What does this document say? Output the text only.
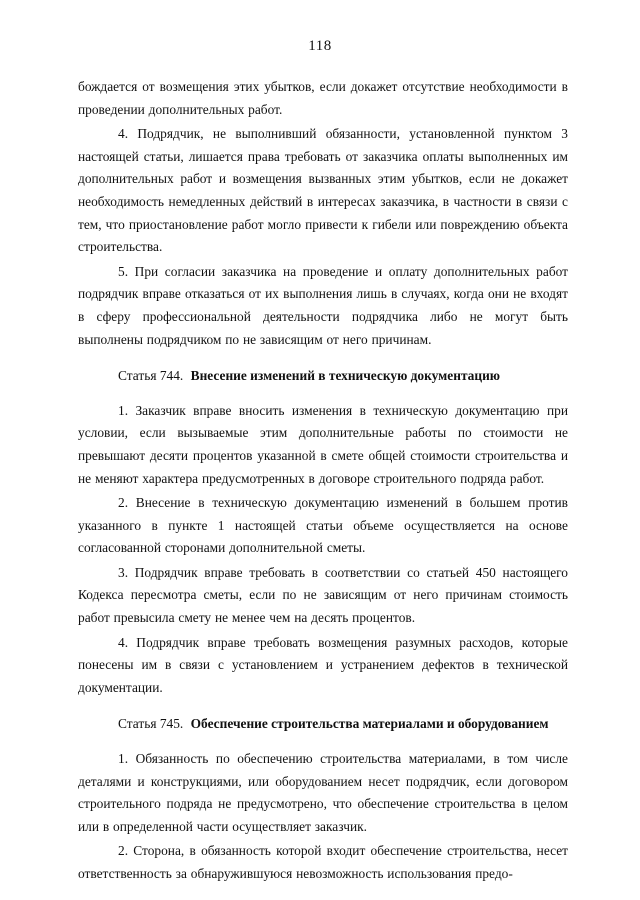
118

бождается от возмещения этих убытков, если докажет отсутствие необходимости в проведении дополнительных работ.

4. Подрядчик, не выполнивший обязанности, установленной пунктом 3 настоящей статьи, лишается права требовать от заказчика оплаты выполненных им дополнительных работ и возмещения вызванных этим убытков, если не докажет необходимость немедленных действий в интересах заказчика, в частности в связи с тем, что приостановление работ могло привести к гибели или повреждению объекта строительства.

5. При согласии заказчика на проведение и оплату дополнительных работ подрядчик вправе отказаться от их выполнения лишь в случаях, когда они не входят в сферу профессиональной деятельности подрядчика либо не могут быть выполнены подрядчиком по не зависящим от него причинам.

Статья 744. Внесение изменений в техническую документацию

1. Заказчик вправе вносить изменения в техническую документацию при условии, если вызываемые этим дополнительные работы по стоимости не превышают десяти процентов указанной в смете общей стоимости строительства и не меняют характера предусмотренных в договоре строительного подряда работ.

2. Внесение в техническую документацию изменений в большем против указанного в пункте 1 настоящей статьи объеме осуществляется на основе согласованной сторонами дополнительной сметы.

3. Подрядчик вправе требовать в соответствии со статьей 450 настоящего Кодекса пересмотра сметы, если по не зависящим от него причинам стоимость работ превысила смету не менее чем на десять процентов.

4. Подрядчик вправе требовать возмещения разумных расходов, которые понесены им в связи с установлением и устранением дефектов в технической документации.

Статья 745. Обеспечение строительства материалами и оборудованием

1. Обязанность по обеспечению строительства материалами, в том числе деталями и конструкциями, или оборудованием несет подрядчик, если договором строительного подряда не предусмотрено, что обеспечение строительства в целом или в определенной части осуществляет заказчик.

2. Сторона, в обязанность которой входит обеспечение строительства, несет ответственность за обнаружившуюся невозможность использования предо-
